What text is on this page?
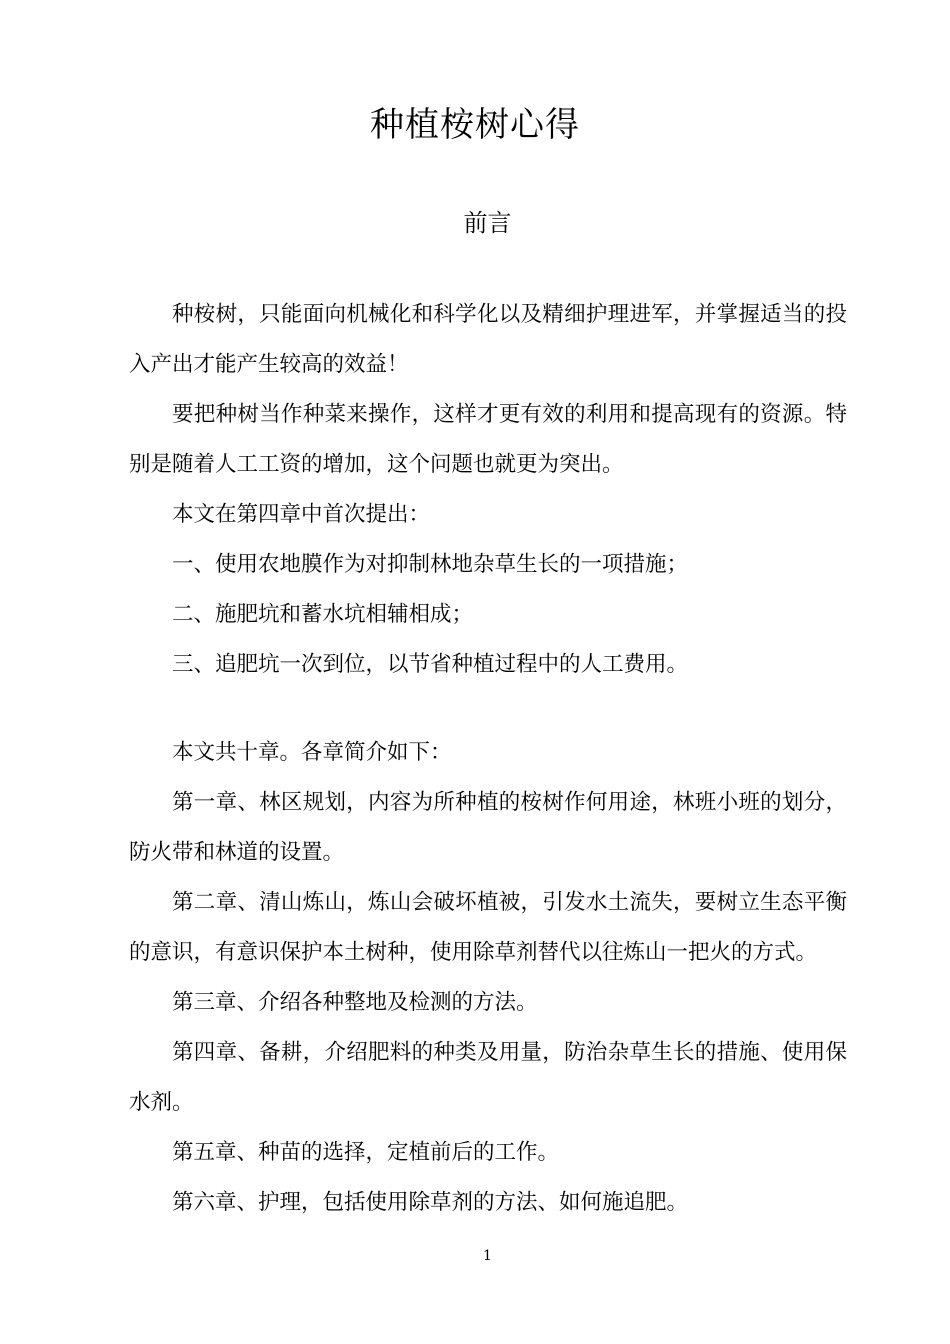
种植桉树心得
前言

种桉树，只能面向机械化和科学化以及精细护理进军，并掌握适当的投入产出才能产生较高的效益！

要把种树当作种菜来操作，这样才更有效的利用和提高现有的资源。特别是随着人工工资的增加，这个问题也就更为突出。

本文在第四章中首次提出：

一、使用农地膜作为对抑制林地杂草生长的一项措施；

二、施肥坑和蓄水坑相辅相成；

三、追肥坑一次到位，以节省种植过程中的人工费用。

本文共十章。各章简介如下：

第一章、林区规划，内容为所种植的桉树作何用途，林班小班的划分，防火带和林道的设置。

第二章、清山炼山，炼山会破坏植被，引发水土流失，要树立生态平衡的意识，有意识保护本土树种，使用除草剂替代以往炼山一把火的方式。

第三章、介绍各种整地及检测的方法。

第四章、备耕，介绍肥料的种类及用量，防治杂草生长的措施、使用保水剂。

第五章、种苗的选择，定植前后的工作。

第六章、护理，包括使用除草剂的方法、如何施追肥。

1
